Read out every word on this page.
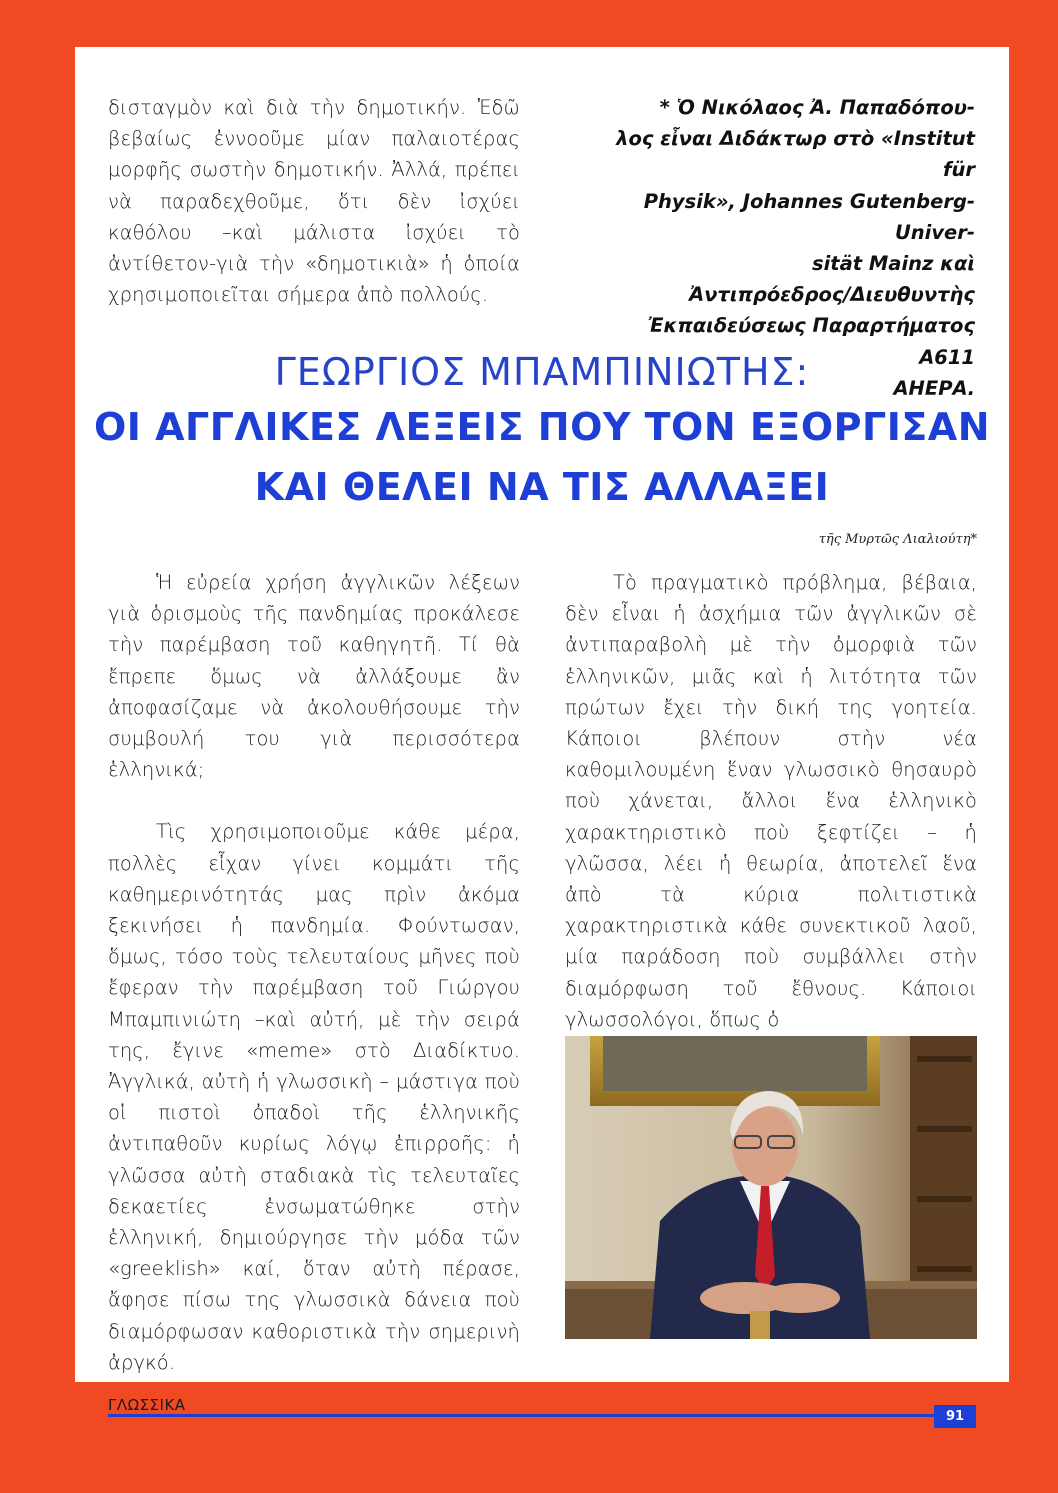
δισταγμὸν καὶ διὰ τὴν δημοτικήν. Ἐδῶ βεβαίως ἐννοοῦμε μίαν παλαιοτέρας μορφῆς σωστὴν δημοτικήν. Ἀλλά, πρέπει νὰ παραδεχθοῦμε, ὅτι δὲν ἰσχύει καθόλου –καὶ μάλιστα ἰσχύει τὸ ἀντίθετον-γιὰ τὴν «δημοτικιὰ» ἡ ὁποία χρησιμοποιεῖται σήμερα ἀπὸ πολλούς.

* Ὁ Νικόλαος Ἀ. Παπαδόπου-

λος εἶναι Διδάκτωρ στὸ «Institut für

Physik», Johannes Gutenberg-Univer-

sität Mainz καὶ

Ἀντιπρόεδρος/Διευθυντὴς

Ἐκπαιδεύσεως Παραρτήματος Α611

ΑΗΕΡΑ.

ΓΕΩΡΓΙΟΣ ΜΠΑΜΠΙΝΙΩΤΗΣ:
ΟΙ ΑΓΓΛΙΚΕΣ ΛΕΞΕΙΣ ΠΟΥ ΤΟΝ ΕΞΟΡΓΙΣΑΝ
ΚΑΙ ΘΕΛΕΙ ΝΑ ΤΙΣ ΑΛΛΑΞΕΙ
τῆς Μυρτῶς Λιαλιούτη*

Ἡ εὐρεία χρήση ἀγγλικῶν λέξεων γιὰ ὁρισμοὺς τῆς πανδημίας προκάλεσε τὴν παρέμβαση τοῦ καθηγητῆ. Τί θὰ ἔπρεπε ὅμως νὰ ἀλλάξουμε ἂν ἀποφασίζαμε νὰ ἀκολουθήσουμε τὴν συμβουλή του γιὰ περισσότερα ἑλληνικά;

Τὶς χρησιμοποιοῦμε κάθε μέρα, πολλὲς εἶχαν γίνει κομμάτι τῆς καθημερινότητάς μας πρὶν ἀκόμα ξεκινήσει ἡ πανδημία. Φούντωσαν, ὅμως, τόσο τοὺς τελευταίους μῆνες ποὺ ἔφεραν τὴν παρέμβαση τοῦ Γιώργου Μπαμπινιώτη –καὶ αὐτή, μὲ τὴν σειρά της, ἔγινε «meme» στὸ Διαδίκτυο. Ἀγγλικά, αὐτὴ ἡ γλωσσικὴ – μάστιγα ποὺ οἱ πιστοὶ ὀπαδοὶ τῆς ἑλληνικῆς ἀντιπαθοῦν κυρίως λόγῳ ἐπιρροῆς: ἡ γλῶσσα αὐτὴ σταδιακὰ τὶς τελευταῖες δεκαετίες ἐνσωματώθηκε στὴν ἑλληνική, δημιούργησε τὴν μόδα τῶν «greeklish» καί, ὅταν αὐτὴ πέρασε, ἄφησε πίσω της γλωσσικὰ δάνεια ποὺ διαμόρφωσαν καθοριστικὰ τὴν σημερινὴ ἀργκό.

Τὸ πραγματικὸ πρόβλημα, βέβαια, δὲν εἶναι ἡ ἀσχήμια τῶν ἀγγλικῶν σὲ ἀντιπαραβολὴ μὲ τὴν ὀμορφιὰ τῶν ἑλληνικῶν, μιᾶς καὶ ἡ λιτότητα τῶν πρώτων ἔχει τὴν δική της γοητεία. Κάποιοι βλέπουν στὴν νέα καθομιλουμένη ἕναν γλωσσικὸ θησαυρὸ ποὺ χάνεται, ἄλλοι ἕνα ἑλληνικὸ χαρακτηριστικὸ ποὺ ξεφτίζει – ἡ γλῶσσα, λέει ἡ θεωρία, ἀποτελεῖ ἕνα ἀπὸ τὰ κύρια πολιτιστικὰ χαρακτηριστικὰ κάθε συνεκτικοῦ λαοῦ, μία παράδοση ποὺ συμβάλλει στὴν διαμόρφωση τοῦ ἔθνους. Κάποιοι γλωσσολόγοι, ὅπως ὁ

ΓΛΩΣΣΙΚΑ
91
